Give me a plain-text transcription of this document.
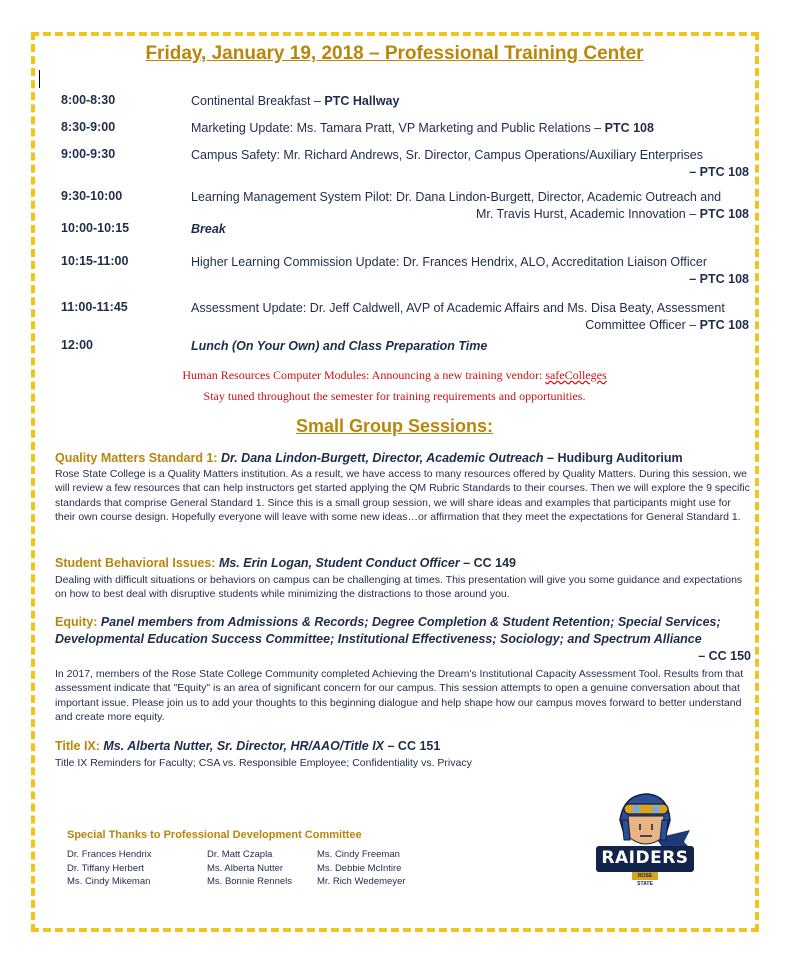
Friday, January 19, 2018 – Professional Training Center
8:00-8:30	Continental Breakfast – PTC Hallway
8:30-9:00	Marketing Update: Ms. Tamara Pratt, VP Marketing and Public Relations – PTC 108
9:00-9:30	Campus Safety: Mr. Richard Andrews, Sr. Director, Campus Operations/Auxiliary Enterprises
– PTC 108
9:30-10:00	Learning Management System Pilot: Dr. Dana Lindon-Burgett, Director, Academic Outreach and
Mr. Travis Hurst, Academic Innovation – PTC 108
10:00-10:15	Break
10:15-11:00	Higher Learning Commission Update: Dr. Frances Hendrix, ALO, Accreditation Liaison Officer
– PTC 108
11:00-11:45	Assessment Update: Dr. Jeff Caldwell, AVP of Academic Affairs and Ms. Disa Beaty, Assessment
Committee Officer – PTC 108
12:00	Lunch (On Your Own) and Class Preparation Time
Human Resources Computer Modules: Announcing a new training vendor: safeColleges
Stay tuned throughout the semester for training requirements and opportunities.
Small Group Sessions:
Quality Matters Standard 1: Dr. Dana Lindon-Burgett, Director, Academic Outreach – Hudiburg Auditorium
Rose State College is a Quality Matters institution. As a result, we have access to many resources offered by Quality Matters. During this session, we will review a few resources that can help instructors get started applying the QM Rubric Standards to their courses. Then we will explore the 9 specific standards that comprise General Standard 1. Since this is a small group session, we will share ideas and examples that participants might use for their own course design. Hopefully everyone will leave with some new ideas…or affirmation that they meet the expectations for General Standard 1.
Student Behavioral Issues: Ms. Erin Logan, Student Conduct Officer – CC 149
Dealing with difficult situations or behaviors on campus can be challenging at times. This presentation will give you some guidance and expectations on how to best deal with disruptive students while minimizing the distractions to those around you.
Equity: Panel members from Admissions & Records; Degree Completion & Student Retention; Special Services; Developmental Education Success Committee; Institutional Effectiveness; Sociology; and Spectrum Alliance
– CC 150
In 2017, members of the Rose State College Community completed Achieving the Dream's Institutional Capacity Assessment Tool. Results from that assessment indicate that "Equity" is an area of significant concern for our campus. This session attempts to open a genuine conversation about that important issue. Please join us to add your thoughts to this beginning dialogue and help shape how our campus moves forward to better understand and create more equity.
Title IX: Ms. Alberta Nutter, Sr. Director, HR/AAO/Title IX – CC 151
Title IX Reminders for Faculty; CSA vs. Responsible Employee; Confidentiality vs. Privacy
Special Thanks to Professional Development Committee
Dr. Frances Hendrix
Dr. Tiffany Herbert
Ms. Cindy Mikeman
Dr. Matt Czapla
Ms. Alberta Nutter
Ms. Bonnie Rennels
Ms. Cindy Freeman
Ms. Debbie McIntire
Mr. Rich Wedemeyer
RAIDERS
ROSE STATE
